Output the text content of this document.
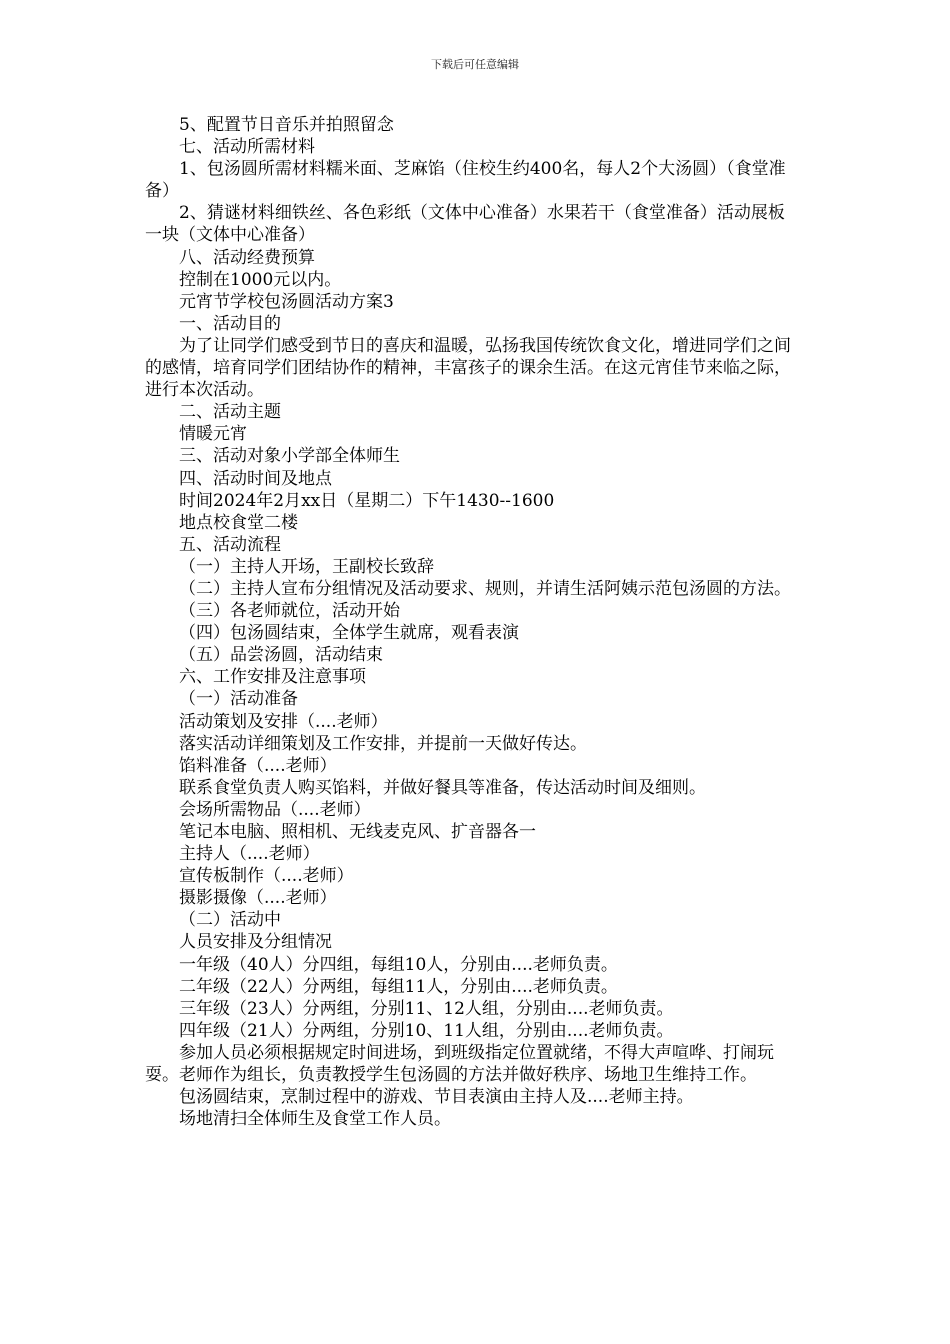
下载后可任意编辑

5、配置节日音乐并拍照留念

七、活动所需材料

1、包汤圆所需材料糯米面、芝麻馅（住校生约400名，每人2个大汤圆）（食堂准备）

2、猜谜材料细铁丝、各色彩纸（文体中心准备）水果若干（食堂准备）活动展板一块（文体中心准备）

八、活动经费预算

控制在1000元以内。

元宵节学校包汤圆活动方案3

一、活动目的

为了让同学们感受到节日的喜庆和温暖，弘扬我国传统饮食文化，增进同学们之间的感情，培育同学们团结协作的精神，丰富孩子的课余生活。在这元宵佳节来临之际，进行本次活动。

二、活动主题

情暖元宵

三、活动对象小学部全体师生

四、活动时间及地点

时间2024年2月xx日（星期二）下午1430--1600

地点校食堂二楼

五、活动流程

（一）主持人开场，王副校长致辞

（二）主持人宣布分组情况及活动要求、规则，并请生活阿姨示范包汤圆的方法。

（三）各老师就位，活动开始

（四）包汤圆结束，全体学生就席，观看表演

（五）品尝汤圆，活动结束

六、工作安排及注意事项

（一）活动准备

活动策划及安排（....老师）

落实活动详细策划及工作安排，并提前一天做好传达。

馅料准备（....老师）

联系食堂负责人购买馅料，并做好餐具等准备，传达活动时间及细则。

会场所需物品（....老师）

笔记本电脑、照相机、无线麦克风、扩音器各一

主持人（....老师）

宣传板制作（....老师）

摄影摄像（....老师）

（二）活动中

人员安排及分组情况

一年级（40人）分四组，每组10人，分别由....老师负责。

二年级（22人）分两组，每组11人，分别由....老师负责。

三年级（23人）分两组，分别11、12人组，分别由....老师负责。

四年级（21人）分两组，分别10、11人组，分别由....老师负责。

参加人员必须根据规定时间进场，到班级指定位置就绪，不得大声喧哗、打闹玩耍。老师作为组长，负责教授学生包汤圆的方法并做好秩序、场地卫生维持工作。

包汤圆结束，烹制过程中的游戏、节目表演由主持人及....老师主持。

场地清扫全体师生及食堂工作人员。
